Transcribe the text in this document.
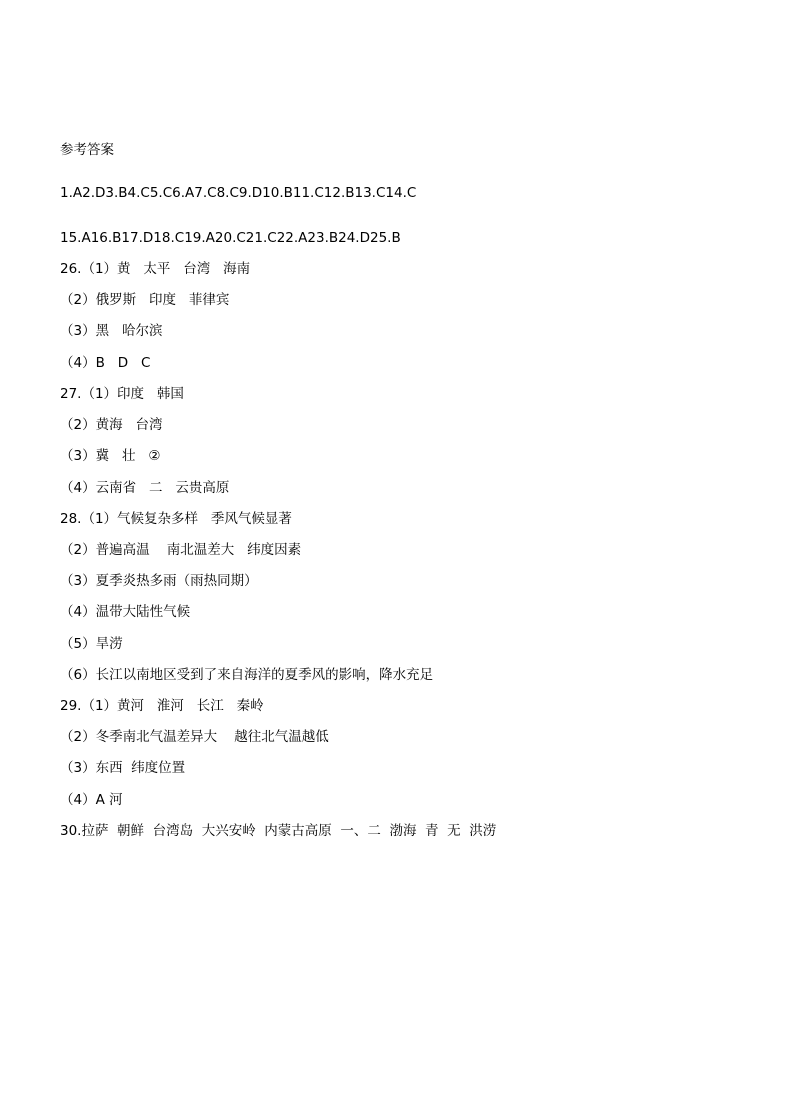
参考答案
1.A2.D3.B4.C5.C6.A7.C8.C9.D10.B11.C12.B13.C14.C
15.A16.B17.D18.C19.A20.C21.C22.A23.B24.D25.B
26.（1）黄   太平   台湾   海南
（2）俄罗斯   印度   菲律宾
（3）黑   哈尔滨
（4）B   D   C
27.（1）印度   韩国
（2）黄海   台湾
（3）冀   壮   ②
（4）云南省   二   云贵高原
28.（1）气候复杂多样   季风气候显著
（2）普遍高温    南北温差大   纬度因素
（3）夏季炎热多雨（雨热同期）
（4）温带大陆性气候
（5）旱涝
（6）长江以南地区受到了来自海洋的夏季风的影响，降水充足
29.（1）黄河   淮河   长江   秦岭
（2）冬季南北气温差异大    越往北气温越低
（3）东西  纬度位置
（4）A 河
30.拉萨  朝鲜  台湾岛  大兴安岭  内蒙古高原  一、二  渤海  青  无  洪涝
